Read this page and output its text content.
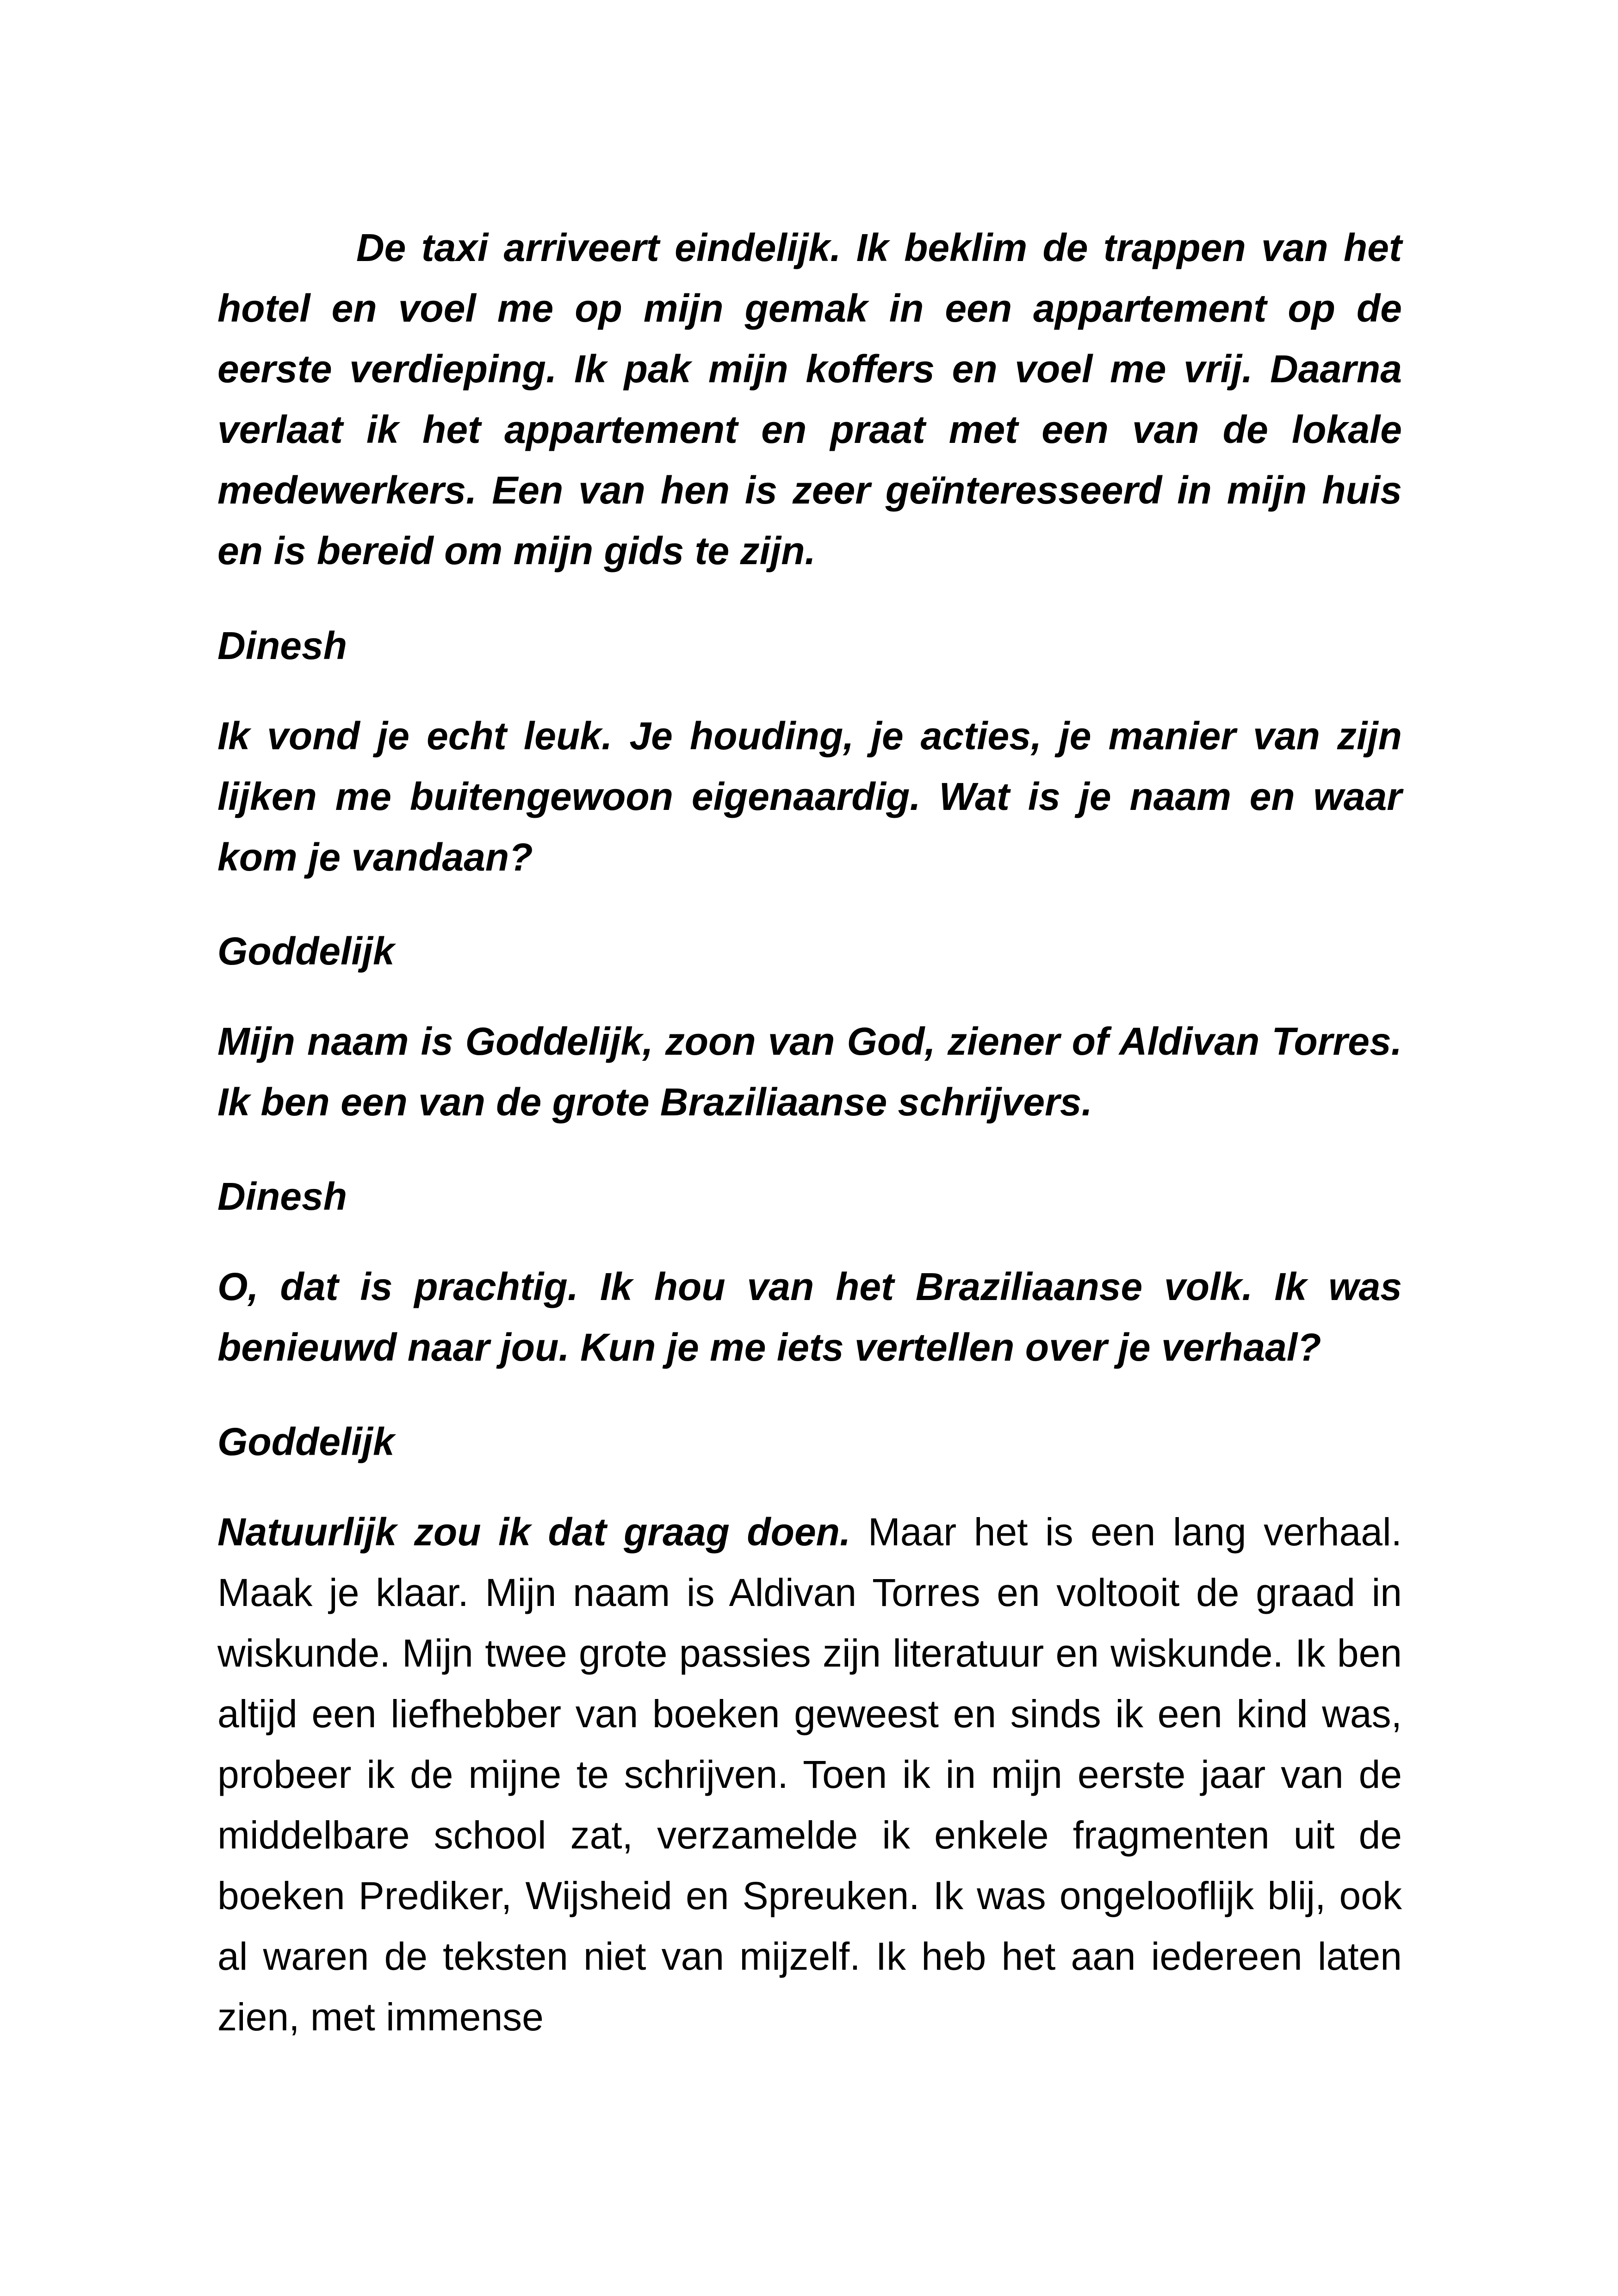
De taxi arriveert eindelijk. Ik beklim de trappen van het hotel en voel me op mijn gemak in een appartement op de eerste verdieping. Ik pak mijn koffers en voel me vrij. Daarna verlaat ik het appartement en praat met een van de lokale medewerkers. Een van hen is zeer geïnteresseerd in mijn huis en is bereid om mijn gids te zijn.

Dinesh

Ik vond je echt leuk. Je houding, je acties, je manier van zijn lijken me buitengewoon eigenaardig. Wat is je naam en waar kom je vandaan?

Goddelijk

Mijn naam is Goddelijk, zoon van God, ziener of Aldivan Torres. Ik ben een van de grote Braziliaanse schrijvers.

Dinesh

O, dat is prachtig. Ik hou van het Braziliaanse volk. Ik was benieuwd naar jou. Kun je me iets vertellen over je verhaal?

Goddelijk

Natuurlijk zou ik dat graag doen. Maar het is een lang verhaal. Maak je klaar. Mijn naam is Aldivan Torres en voltooit de graad in wiskunde. Mijn twee grote passies zijn literatuur en wiskunde. Ik ben altijd een liefhebber van boeken geweest en sinds ik een kind was, probeer ik de mijne te schrijven. Toen ik in mijn eerste jaar van de middelbare school zat, verzamelde ik enkele fragmenten uit de boeken Prediker, Wijsheid en Spreuken. Ik was ongelooflijk blij, ook al waren de teksten niet van mijzelf. Ik heb het aan iedereen laten zien, met immense
